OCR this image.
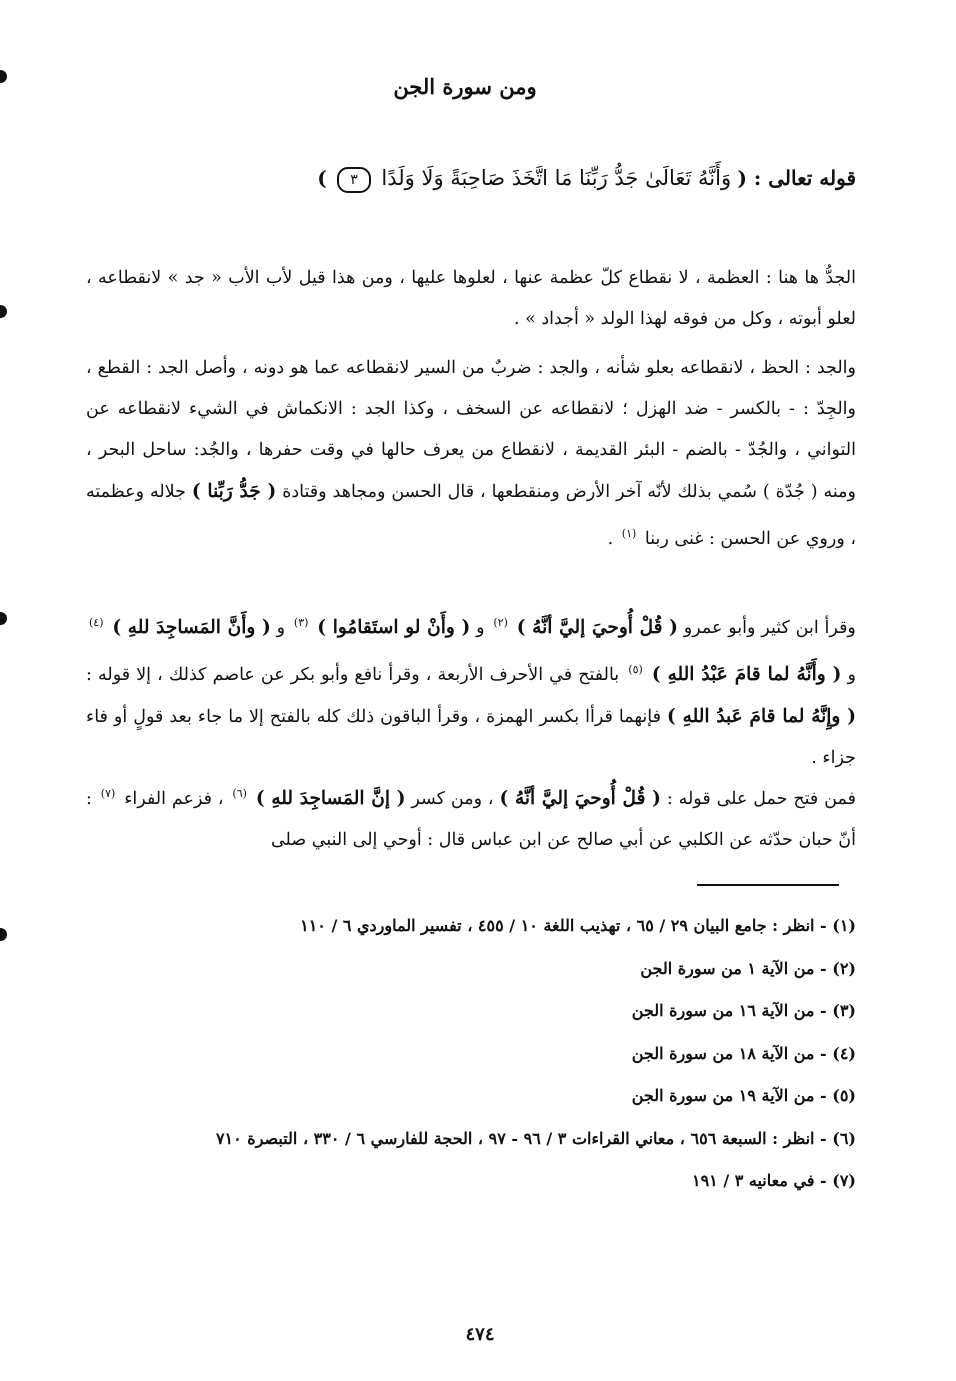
ومن سورة الجن
قوله تعالى : ( وَأَنَّهُ تَعَالَىٰ جَدُّ رَبِّنَا مَا اتَّخَذَ صَاحِبَةً وَلَا وَلَدًا ٣ )

الجدُّ ها هنا : العظمة ، لا نقطاع كلّ عظمة عنها ، لعلوها عليها ، ومن هذا قيل لأب الأب « جد » لانقطاعه ، لعلو أبوته ، وكل من فوقه لهذا الولد « أجداد » .

والجد : الحظ ، لانقطاعه بعلو شأنه ، والجد : ضربٌ من السير لانقطاعه عما هو دونه ، وأصل الجد : القطع ، والجِدّ : - بالكسر - ضد الهزل ؛ لانقطاعه عن السخف ، وكذا الجد : الانكماش في الشيء لانقطاعه عن التواني ، والجُدّ - بالضم - البئر القديمة ، لانقطاع من يعرف حالها في وقت حفرها ، والجُد: ساحل البحر ، ومنه ( جُدّة ) سُمي بذلك لأنّه آخر الأرض ومنقطعها ، قال الحسن ومجاهد وقتادة ( جَدُّ رَبِّنا ) جلاله وعظمته ، وروي عن الحسن : غنى ربنا $^{(١)}$ .

وقرأ ابن كثير وأبو عمرو ( قُلْ أُوحيَ إليَّ أنَّهُ ) $^{(٢)}$ و ( وأَنْ لو استَقامُوا ) $^{(٣)}$ و ( وأَنَّ المَساجِدَ للهِ ) $^{(٤)}$ و ( وأَنَّهُ لما قامَ عَبْدُ اللهِ ) $^{(٥)}$ بالفتح في الأحرف الأربعة ، وقرأ نافع وأبو بكر عن عاصم كذلك ، إلا قوله : ( وإِنَّهُ لما قامَ عَبدُ اللهِ ) فإنهما قرأا بكسر الهمزة ، وقرأ الباقون ذلك كله بالفتح إلا ما جاء بعد قولٍ أو فاء جزاء .

فمن فتح حمل على قوله : ( قُلْ أُوحيَ إليَّ أنَّهُ ) ، ومن كسر ( إنَّ المَساجِدَ للهِ ) $^{(٦)}$ ، فزعم الفراء $^{(٧)}$ : أنّ حبان حدّثه عن الكلبي عن أبي صالح عن ابن عباس قال : أوحي إلى النبي صلى

(١) - انظر : جامع البيان ٢٩ / ٦٥ ، تهذيب اللغة ١٠ / ٤٥٥ ، تفسير الماوردي ٦ / ١١٠
(٢) - من الآية ١ من سورة الجن
(٣) - من الآية ١٦ من سورة الجن
(٤) - من الآية ١٨ من سورة الجن
(٥) - من الآية ١٩ من سورة الجن
(٦) - انظر : السبعة ٦٥٦ ، معاني القراءات ٣ / ٩٦ - ٩٧ ، الحجة للفارسي ٦ / ٣٣٠ ، التبصرة ٧١٠
(٧) - في معانيه ٣ / ١٩١
٤٧٤
